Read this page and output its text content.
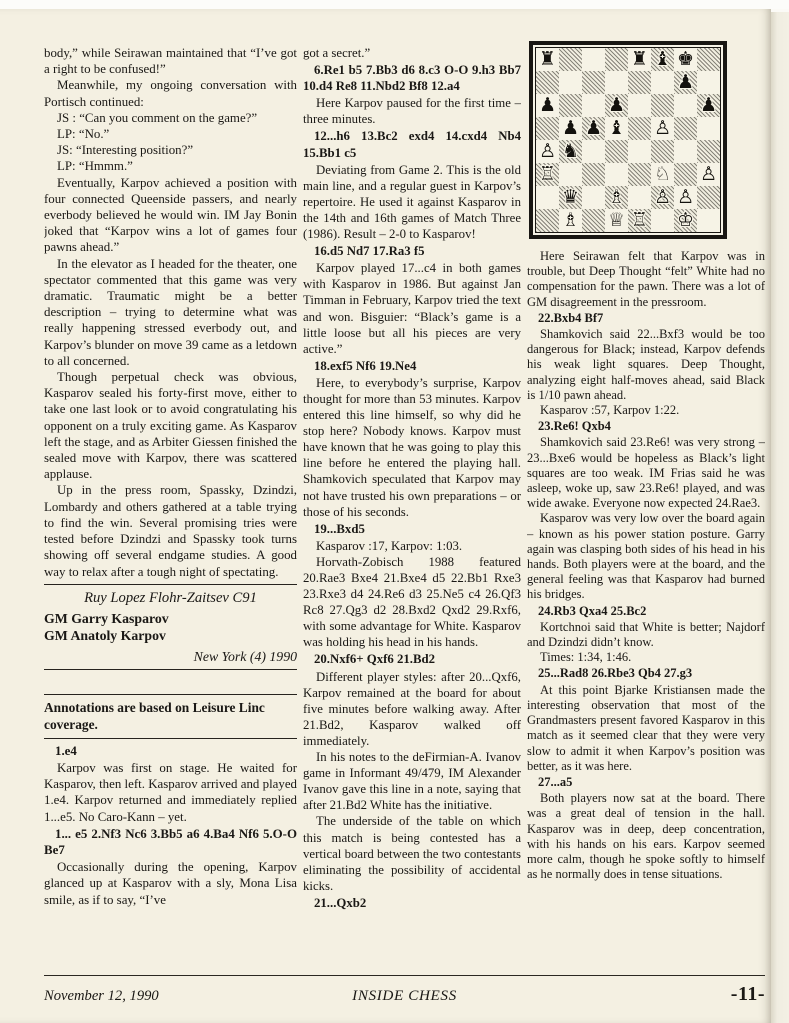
body,” while Seirawan maintained that “I’ve got a right to be confused!”

Meanwhile, my ongoing conversation with Portisch continued:

JS : “Can you comment on the game?”

LP: “No.”

JS: “Interesting position?”

LP: “Hmmm.”

Eventually, Karpov achieved a position with four connected Queenside passers, and nearly everbody believed he would win. IM Jay Bonin joked that “Karpov wins a lot of games four pawns ahead.”

In the elevator as I headed for the theater, one spectator commented that this game was very dramatic. Traumatic might be a better description – trying to determine what was really happening stressed everbody out, and Karpov’s blunder on move 39 came as a letdown to all concerned.

Though perpetual check was obvious, Kasparov sealed his forty-first move, either to take one last look or to avoid congratulating his opponent on a truly exciting game. As Kasparov left the stage, and as Arbiter Giessen finished the sealed move with Karpov, there was scattered applause.

Up in the press room, Spassky, Dzindzi, Lombardy and others gathered at a table trying to find the win. Several promising tries were tested before Dzindzi and Spassky took turns showing off several endgame studies. A good way to relax after a tough night of spectating.

Ruy Lopez Flohr-Zaitsev C91

GM Garry Kasparov

GM Anatoly Karpov

New York (4) 1990

Annotations are based on Leisure Linc coverage.

1.e4

Karpov was first on stage. He waited for Kasparov, then left. Kasparov arrived and played 1.e4. Karpov returned and immediately replied 1...e5. No Caro-Kann – yet.

1... e5 2.Nf3 Nc6 3.Bb5 a6 4.Ba4 Nf6 5.O-O Be7

Occasionally during the opening, Karpov glanced up at Kasparov with a sly, Mona Lisa smile, as if to say, “I’ve

got a secret.”

6.Re1 b5 7.Bb3 d6 8.c3 O-O 9.h3 Bb7 10.d4 Re8 11.Nbd2 Bf8 12.a4

Here Karpov paused for the first time – three minutes.

12...h6 13.Bc2 exd4 14.cxd4 Nb4 15.Bb1 c5

Deviating from Game 2. This is the old main line, and a regular guest in Karpov’s repertoire. He used it against Kasparov in the 14th and 16th games of Match Three (1986). Result – 2-0 to Kasparov!

16.d5 Nd7 17.Ra3 f5

Karpov played 17...c4 in both games with Kasparov in 1986. But against Jan Timman in February, Karpov tried the text and won. Bisguier: “Black’s game is a little loose but all his pieces are very active.”

18.exf5 Nf6 19.Ne4

Here, to everybody’s surprise, Karpov thought for more than 53 minutes. Karpov entered this line himself, so why did he stop here? Nobody knows. Karpov must have known that he was going to play this line before he entered the playing hall. Shamkovich speculated that Karpov may not have trusted his own preparations – or those of his seconds.

19...Bxd5

Kasparov :17, Karpov: 1:03.

Horvath-Zobisch 1988 featured 20.Rae3 Bxe4 21.Bxe4 d5 22.Bb1 Rxe3 23.Rxe3 d4 24.Re6 d3 25.Ne5 c4 26.Qf3 Rc8 27.Qg3 d2 28.Bxd2 Qxd2 29.Rxf6, with some advantage for White. Kasparov was holding his head in his hands.

20.Nxf6+ Qxf6 21.Bd2

Different player styles: after 20...Qxf6, Karpov remained at the board for about five minutes before walking away. After 21.Bd2, Kasparov walked off immediately.

In his notes to the deFirmian-A. Ivanov game in Informant 49/479, IM Alexander Ivanov gave this line in a note, saying that after 21.Bd2 White has the initiative.

The underside of the table on which this match is being contested has a vertical board between the two contestants eliminating the possibility of accidental kicks.

21...Qxb2

♜	♜ ♝ ♚
♟
♟	♟	♟
♟ ♟ ♝ ♙
♙ ♞
♖	♘ ♙
♛ ♗ ♙ ♙
♗ ♕ ♖ ♔

Here Seirawan felt that Karpov was in trouble, but Deep Thought “felt” White had no compensation for the pawn. There was a lot of GM disagreement in the pressroom.

22.Bxb4 Bf7

Shamkovich said 22...Bxf3 would be too dangerous for Black; instead, Karpov defends his weak light squares. Deep Thought, analyzing eight half-moves ahead, said Black is 1/10 pawn ahead.

Kasparov :57, Karpov 1:22.

23.Re6! Qxb4

Shamkovich said 23.Re6! was very strong – 23...Bxe6 would be hopeless as Black’s light squares are too weak. IM Frias said he was asleep, woke up, saw 23.Re6! played, and was wide awake. Everyone now expected 24.Rae3.

Kasparov was very low over the board again – known as his power station posture. Garry again was clasping both sides of his head in his hands. Both players were at the board, and the general feeling was that Kasparov had burned his bridges.

24.Rb3 Qxa4 25.Bc2

Kortchnoi said that White is better; Najdorf and Dzindzi didn’t know.

Times: 1:34, 1:46.

25...Rad8 26.Rbe3 Qb4 27.g3

At this point Bjarke Kristiansen made the interesting observation that most of the Grandmasters present favored Kasparov in this match as it seemed clear that they were very slow to admit it when Karpov’s position was better, as it was here.

27...a5

Both players now sat at the board. There was a great deal of tension in the hall. Kasparov was in deep, deep concentration, with his hands on his ears. Karpov seemed more calm, though he spoke softly to himself as he normally does in tense situations.

November 12, 1990	INSIDE CHESS	-11-
